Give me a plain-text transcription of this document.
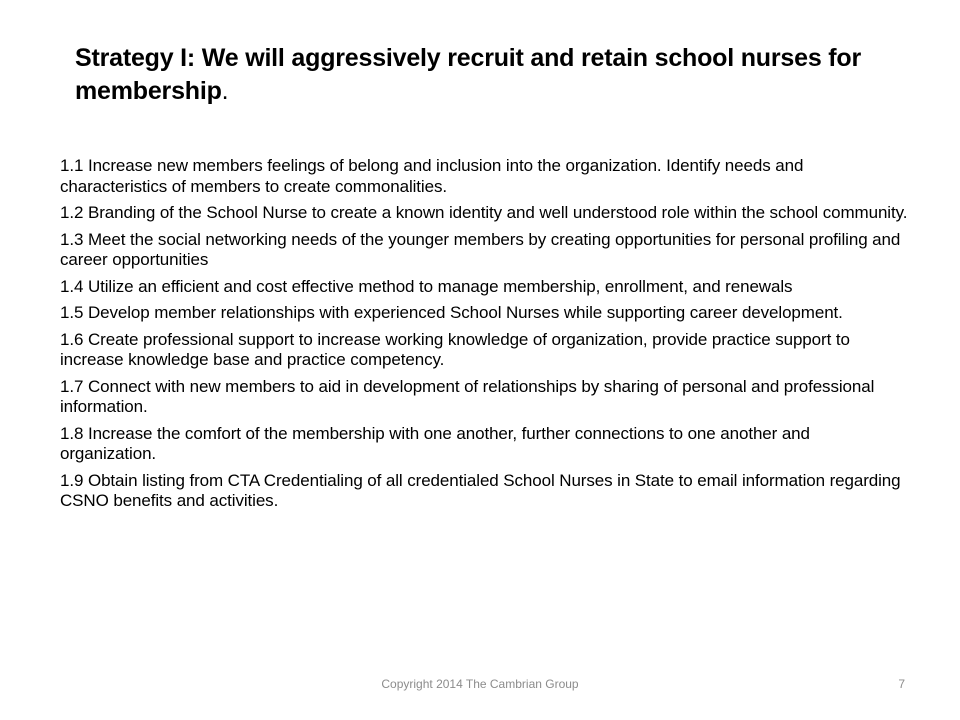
Strategy I: We will aggressively recruit and retain school nurses for membership.
1.1 Increase new members feelings of belong and inclusion into the organization. Identify needs and characteristics of members to create commonalities.
1.2 Branding of the School Nurse to create a known identity and well understood role within the school community.
1.3 Meet the social networking needs of the younger members by creating opportunities for personal profiling and career opportunities
1.4 Utilize an efficient and cost effective method to manage membership, enrollment, and renewals
1.5 Develop member relationships with experienced School Nurses while supporting career development.
1.6 Create professional support to increase working knowledge of organization, provide practice support to increase knowledge base and practice competency.
1.7 Connect with new members to aid in development of relationships by sharing of personal and professional information.
1.8 Increase the comfort of the membership with one another, further connections to one another and organization.
1.9 Obtain listing from CTA Credentialing of all credentialed School Nurses in State to email information regarding CSNO benefits and activities.
Copyright 2014 The Cambrian Group	7
